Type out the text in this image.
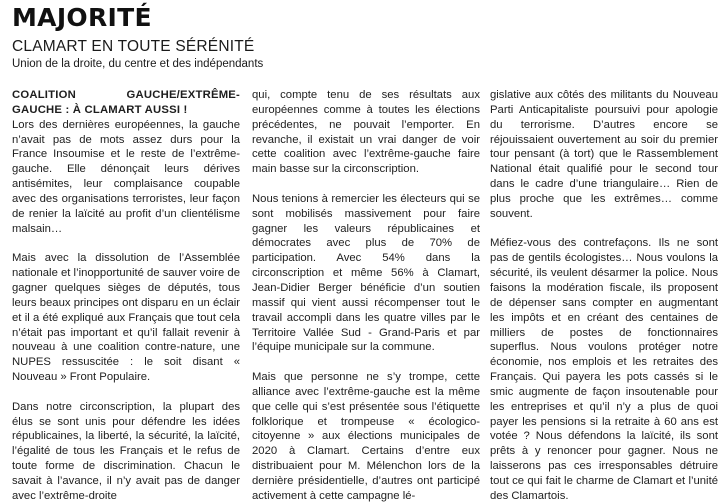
MAJORITÉ
CLAMART EN TOUTE SÉRÉNITÉ
Union de la droite, du centre et des indépendants

COALITION GAUCHE/EXTRÊME-GAUCHE : À CLAMART AUSSI !

Lors des dernières européennes, la gauche n’avait pas de mots assez durs pour la France Insoumise et le reste de l’extrême-gauche. Elle dénonçait leurs dérives antisémites, leur complaisance coupable avec des organisations terroristes, leur façon de renier la laïcité au profit d’un clientélisme malsain…

Mais avec la dissolution de l’Assemblée nationale et l’inopportunité de sauver voire de gagner quelques sièges de députés, tous leurs beaux principes ont disparu en un éclair et il a été expliqué aux Français que tout cela n’était pas important et qu’il fallait revenir à nouveau à une coalition contre-nature, une NUPES ressuscitée : le soit disant « Nouveau » Front Populaire.

Dans notre circonscription, la plupart des élus se sont unis pour défendre les idées républicaines, la liberté, la sécurité, la laïcité, l’égalité de tous les Français et le refus de toute forme de discrimination. Chacun le savait à l’avance, il n’y avait pas de danger avec l’extrême-droite

qui, compte tenu de ses résultats aux européennes comme à toutes les élections précédentes, ne pouvait l’emporter. En revanche, il existait un vrai danger de voir cette coalition avec l’extrême-gauche faire main basse sur la circonscription.

Nous tenions à remercier les électeurs qui se sont mobilisés massivement pour faire gagner les valeurs républicaines et démocrates avec plus de 70% de participation. Avec 54% dans la circonscription et même 56% à Clamart, Jean-Didier Berger bénéficie d’un soutien massif qui vient aussi récompenser tout le travail accompli dans les quatre villes par le Territoire Vallée Sud - Grand-Paris et par l’équipe municipale sur la commune.

Mais que personne ne s’y trompe, cette alliance avec l’extrême-gauche est la même que celle qui s’est présentée sous l’étiquette folklorique et trompeuse « écologico-citoyenne » aux élections municipales de 2020 à Clamart. Certains d’entre eux distribuaient pour M. Mélenchon lors de la dernière présidentielle, d’autres ont participé activement à cette campagne lé-

gislative aux côtés des militants du Nouveau Parti Anticapitaliste poursuivi pour apologie du terrorisme. D’autres encore se réjouissaient ouvertement au soir du premier tour pensant (à tort) que le Rassemblement National était qualifié pour le second tour dans le cadre d’une triangulaire… Rien de plus proche que les extrêmes… comme souvent.

Méfiez-vous des contrefaçons. Ils ne sont pas de gentils écologistes… Nous voulons la sécurité, ils veulent désarmer la police. Nous faisons la modération fiscale, ils proposent de dépenser sans compter en augmentant les impôts et en créant des centaines de milliers de postes de fonctionnaires superflus. Nous voulons protéger notre économie, nos emplois et les retraites des Français. Qui payera les pots cassés si le smic augmente de façon insoutenable pour les entreprises et qu’il n’y a plus de quoi payer les pensions si la retraite à 60 ans est votée ? Nous défendons la laïcité, ils sont prêts à y renoncer pour gagner. Nous ne laisserons pas ces irresponsables détruire tout ce qui fait le charme de Clamart et l’unité des Clamartois.
